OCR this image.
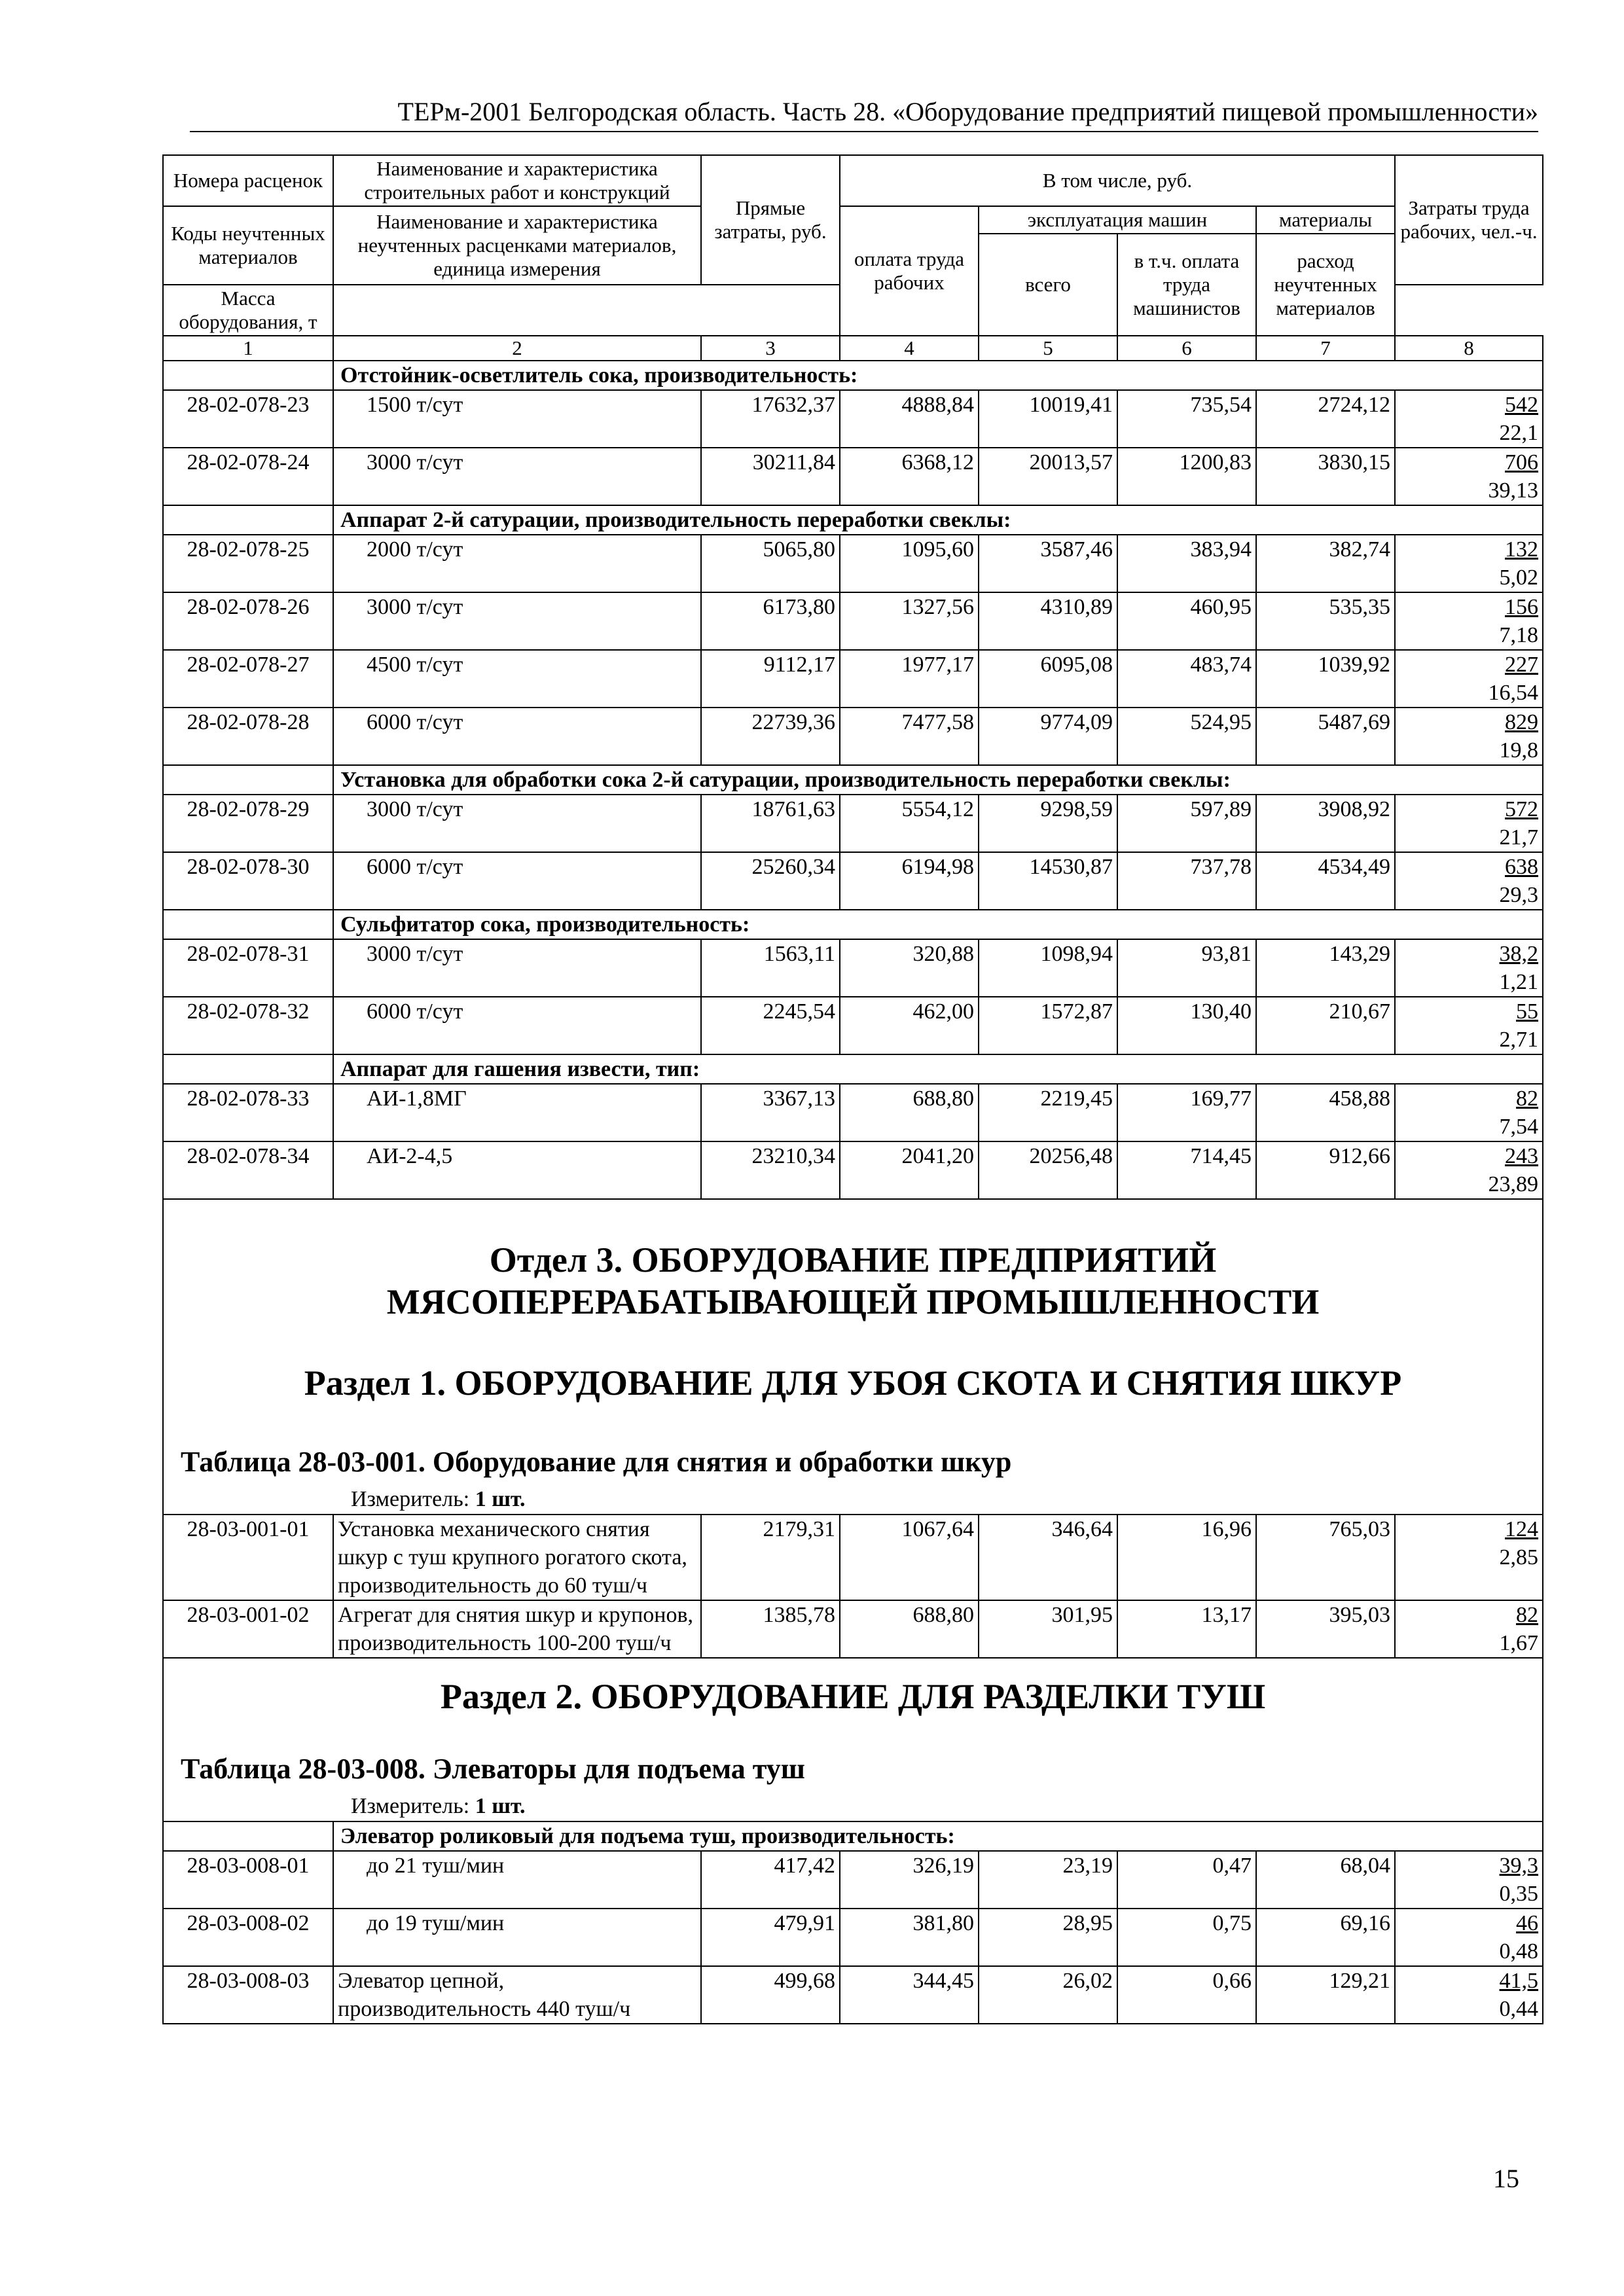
ТЕРм-2001 Белгородская область. Часть 28. «Оборудование предприятий пищевой промышленности»
Номера расценок	Наименование и характеристика строительных работ и конструкций	Прямые затраты, руб.	В том числе, руб.				Затраты труда рабочих, чел.-ч.
Коды неучтенных материалов	Наименование и характеристика неучтенных расценками материалов, единица измерения		оплата труда рабочих	эксплуатация машин		материалы	
				всего	в т.ч. оплата труда машинистов	расход неучтенных материалов	
Масса оборудования, т							
1	2	3	4	5	6	7	8
	Отстойник-осветлитель сока, производительность:						
28-02-078-23	1500 т/сут	17632,37	4888,84	10019,41	735,54	2724,12	542
22,1

28-02-078-24	3000 т/сут	30211,84	6368,12	20013,57	1200,83	3830,15	706
39,13

	Аппарат 2-й сатурации, производительность переработки свеклы:						
28-02-078-25	2000 т/сут	5065,80	1095,60	3587,46	383,94	382,74	132
5,02

28-02-078-26	3000 т/сут	6173,80	1327,56	4310,89	460,95	535,35	156
7,18

28-02-078-27	4500 т/сут	9112,17	1977,17	6095,08	483,74	1039,92	227
16,54

28-02-078-28	6000 т/сут	22739,36	7477,58	9774,09	524,95	5487,69	829
19,8

	Установка для обработки сока 2-й сатурации, производительность переработки свеклы:						
28-02-078-29	3000 т/сут	18761,63	5554,12	9298,59	597,89	3908,92	572
21,7

28-02-078-30	6000 т/сут	25260,34	6194,98	14530,87	737,78	4534,49	638
29,3

	Сульфитатор сока, производительность:						
28-02-078-31	3000 т/сут	1563,11	320,88	1098,94	93,81	143,29	38,2
1,21

28-02-078-32	6000 т/сут	2245,54	462,00	1572,87	130,40	210,67	55
2,71

	Аппарат для гашения извести, тип:						
28-02-078-33	АИ-1,8МГ	3367,13	688,80	2219,45	169,77	458,88	82
7,54

28-02-078-34	АИ-2-4,5	23210,34	2041,20	20256,48	714,45	912,66	243
23,89

Отдел 3. ОБОРУДОВАНИЕ ПРЕДПРИЯТИЙ
МЯСОПЕРЕРАБАТЫВАЮЩЕЙ ПРОМЫШЛЕННОСТИ
Раздел 1. ОБОРУДОВАНИЕ ДЛЯ УБОЯ СКОТА И СНЯТИЯ ШКУР
Таблица 28-03-001. Оборудование для снятия и обработки шкур
Измеритель: 1 шт.							

28-03-001-01	Установка механического снятия шкур с туш крупного рогатого скота, производительность до 60 туш/ч	2179,31	1067,64	346,64	16,96	765,03	124
2,85

28-03-001-02	Агрегат для снятия шкур и крупонов, производительность 100-200 туш/ч	1385,78	688,80	301,95	13,17	395,03	82
1,67

Раздел 2. ОБОРУДОВАНИЕ ДЛЯ РАЗДЕЛКИ ТУШ
Таблица 28-03-008. Элеваторы для подъема туш
Измеритель: 1 шт.							

	Элеватор роликовый для подъема туш, производительность:						
28-03-008-01	до 21 туш/мин	417,42	326,19	23,19	0,47	68,04	39,3
0,35

28-03-008-02	до 19 туш/мин	479,91	381,80	28,95	0,75	69,16	46
0,48

28-03-008-03	Элеватор цепной, производительность 440 туш/ч	499,68	344,45	26,02	0,66	129,21	41,5
0,44
15
